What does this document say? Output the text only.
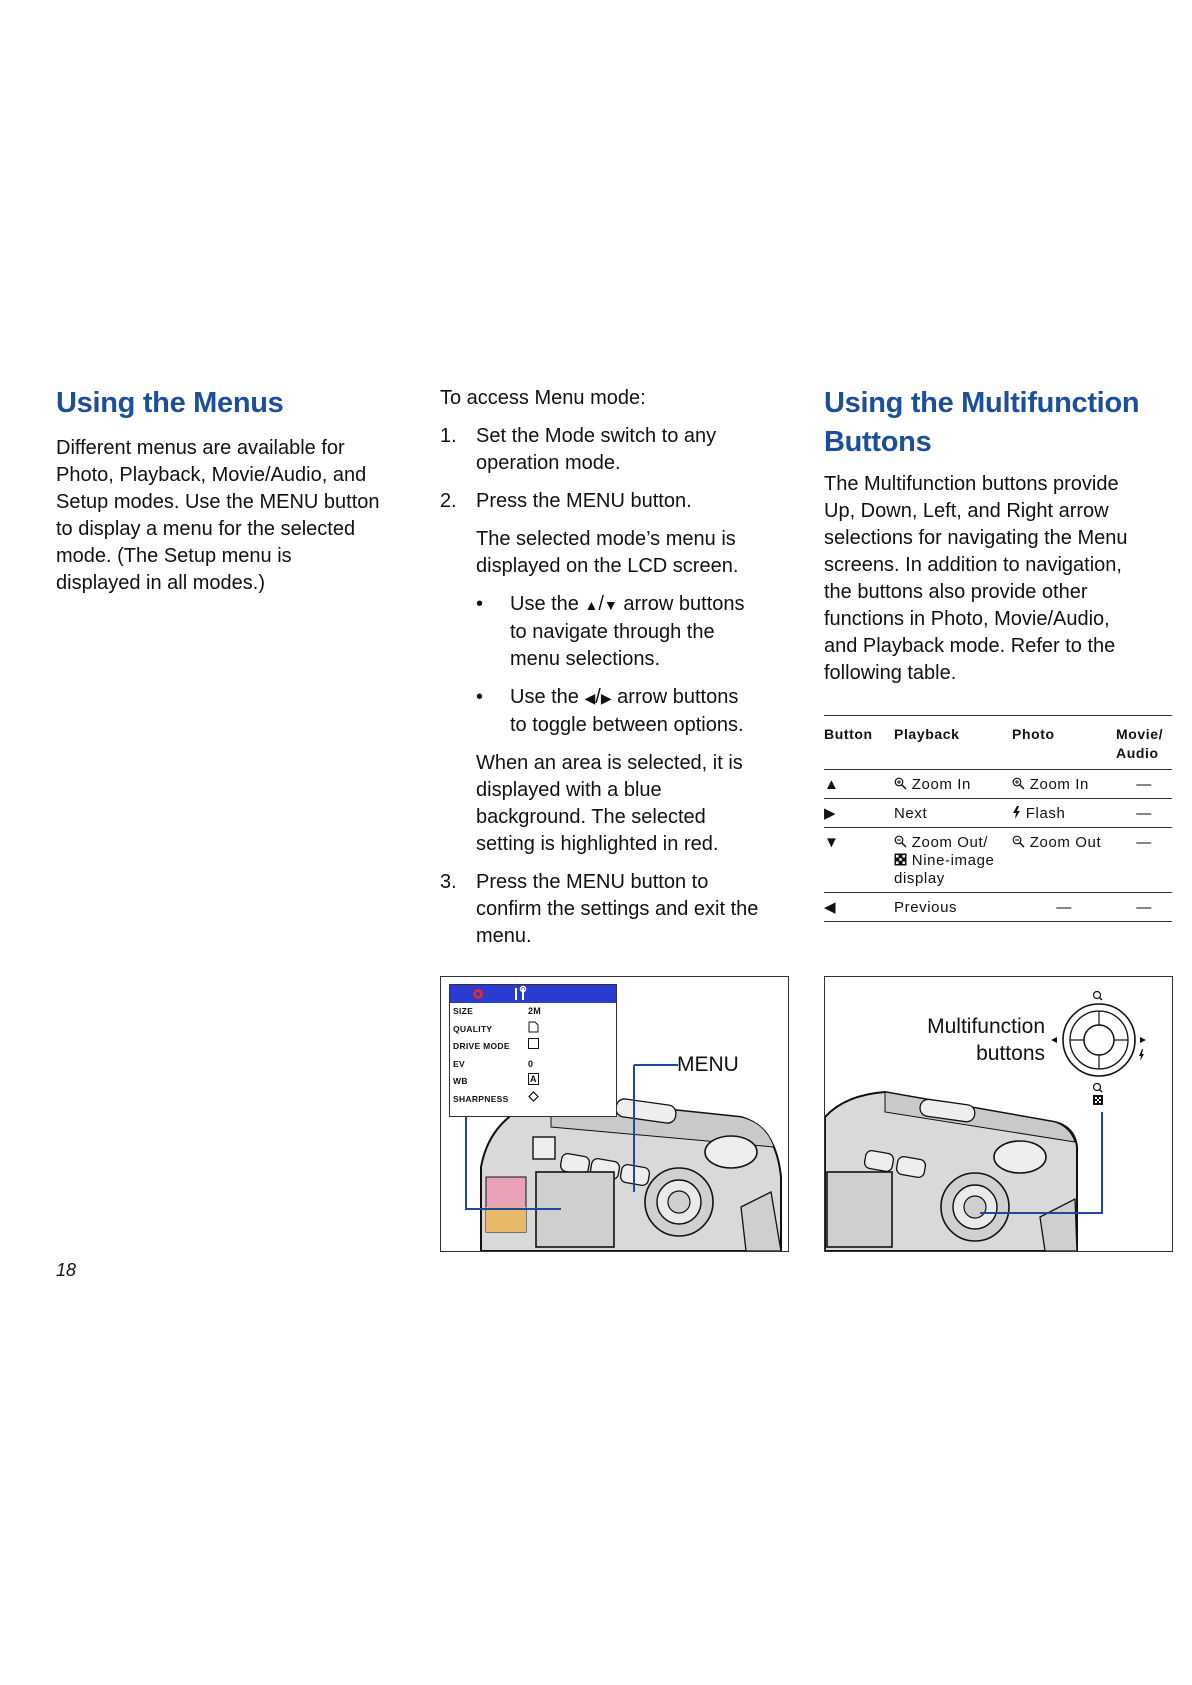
Using the Menus

Different menus are available for

Photo, Playback, Movie/Audio, and

Setup modes. Use the MENU button

to display a menu for the selected

mode. (The Setup menu is

displayed in all modes.)

To access Menu mode:

1. Set the Mode switch to any

operation mode.

2. Press the MENU button.

The selected mode’s menu is

displayed on the LCD screen.

• Use the ▲/▼ arrow buttons

to navigate through the

menu selections.

• Use the ◀/▶ arrow buttons

to toggle between options.

When an area is selected, it is

displayed with a blue

background. The selected

setting is highlighted in red.

3. Press the MENU button to

confirm the settings and exit the

menu.

Using the Multifunction
Buttons

The Multifunction buttons provide

Up, Down, Left, and Right arrow

selections for navigating the Menu

screens. In addition to navigation,

the buttons also provide other

functions in Photo, Movie/Audio,

and Playback mode. Refer to the

following table.

Button	Playback	Photo	Movie/
Audio
▲	Zoom In	Zoom In	—
▶	Next	Flash	—
▼	Zoom Out/
Nine-image
display	Zoom Out	—
◀	Previous	—	—

SIZE	2M
QUALITY
DRIVE MODE
EV	0
WB	A
SHARPNESS
MENU
Multifunction
buttons
18
